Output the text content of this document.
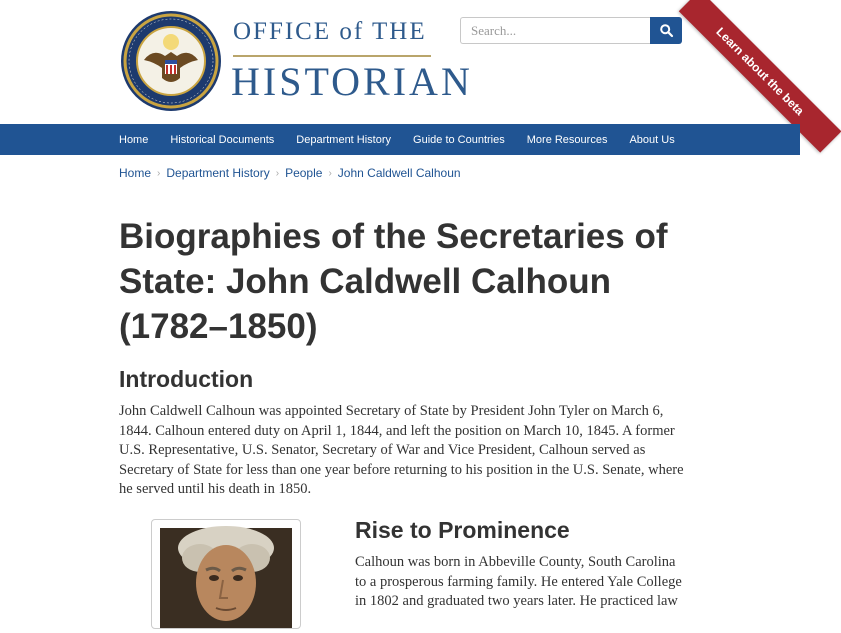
OFFICE of THE
HISTORIAN
Search...	Learn about the beta
Home	Historical Documents	Department History	Guide to Countries	More Resources	About Us
Home › Department History › People › John Caldwell Calhoun
Biographies of the Secretaries of State: John Caldwell Calhoun (1782–1850)
Introduction

John Caldwell Calhoun was appointed Secretary of State by President John Tyler on March 6, 1844. Calhoun entered duty on April 1, 1844, and left the position on March 10, 1845. A former U.S. Representative, U.S. Senator, Secretary of War and Vice President, Calhoun served as Secretary of State for less than one year before returning to his position in the U.S. Senate, where he served until his death in 1850.

Rise to Prominence

Calhoun was born in Abbeville County, South Carolina to a prosperous farming family. He entered Yale College in 1802 and graduated two years later. He practiced law
